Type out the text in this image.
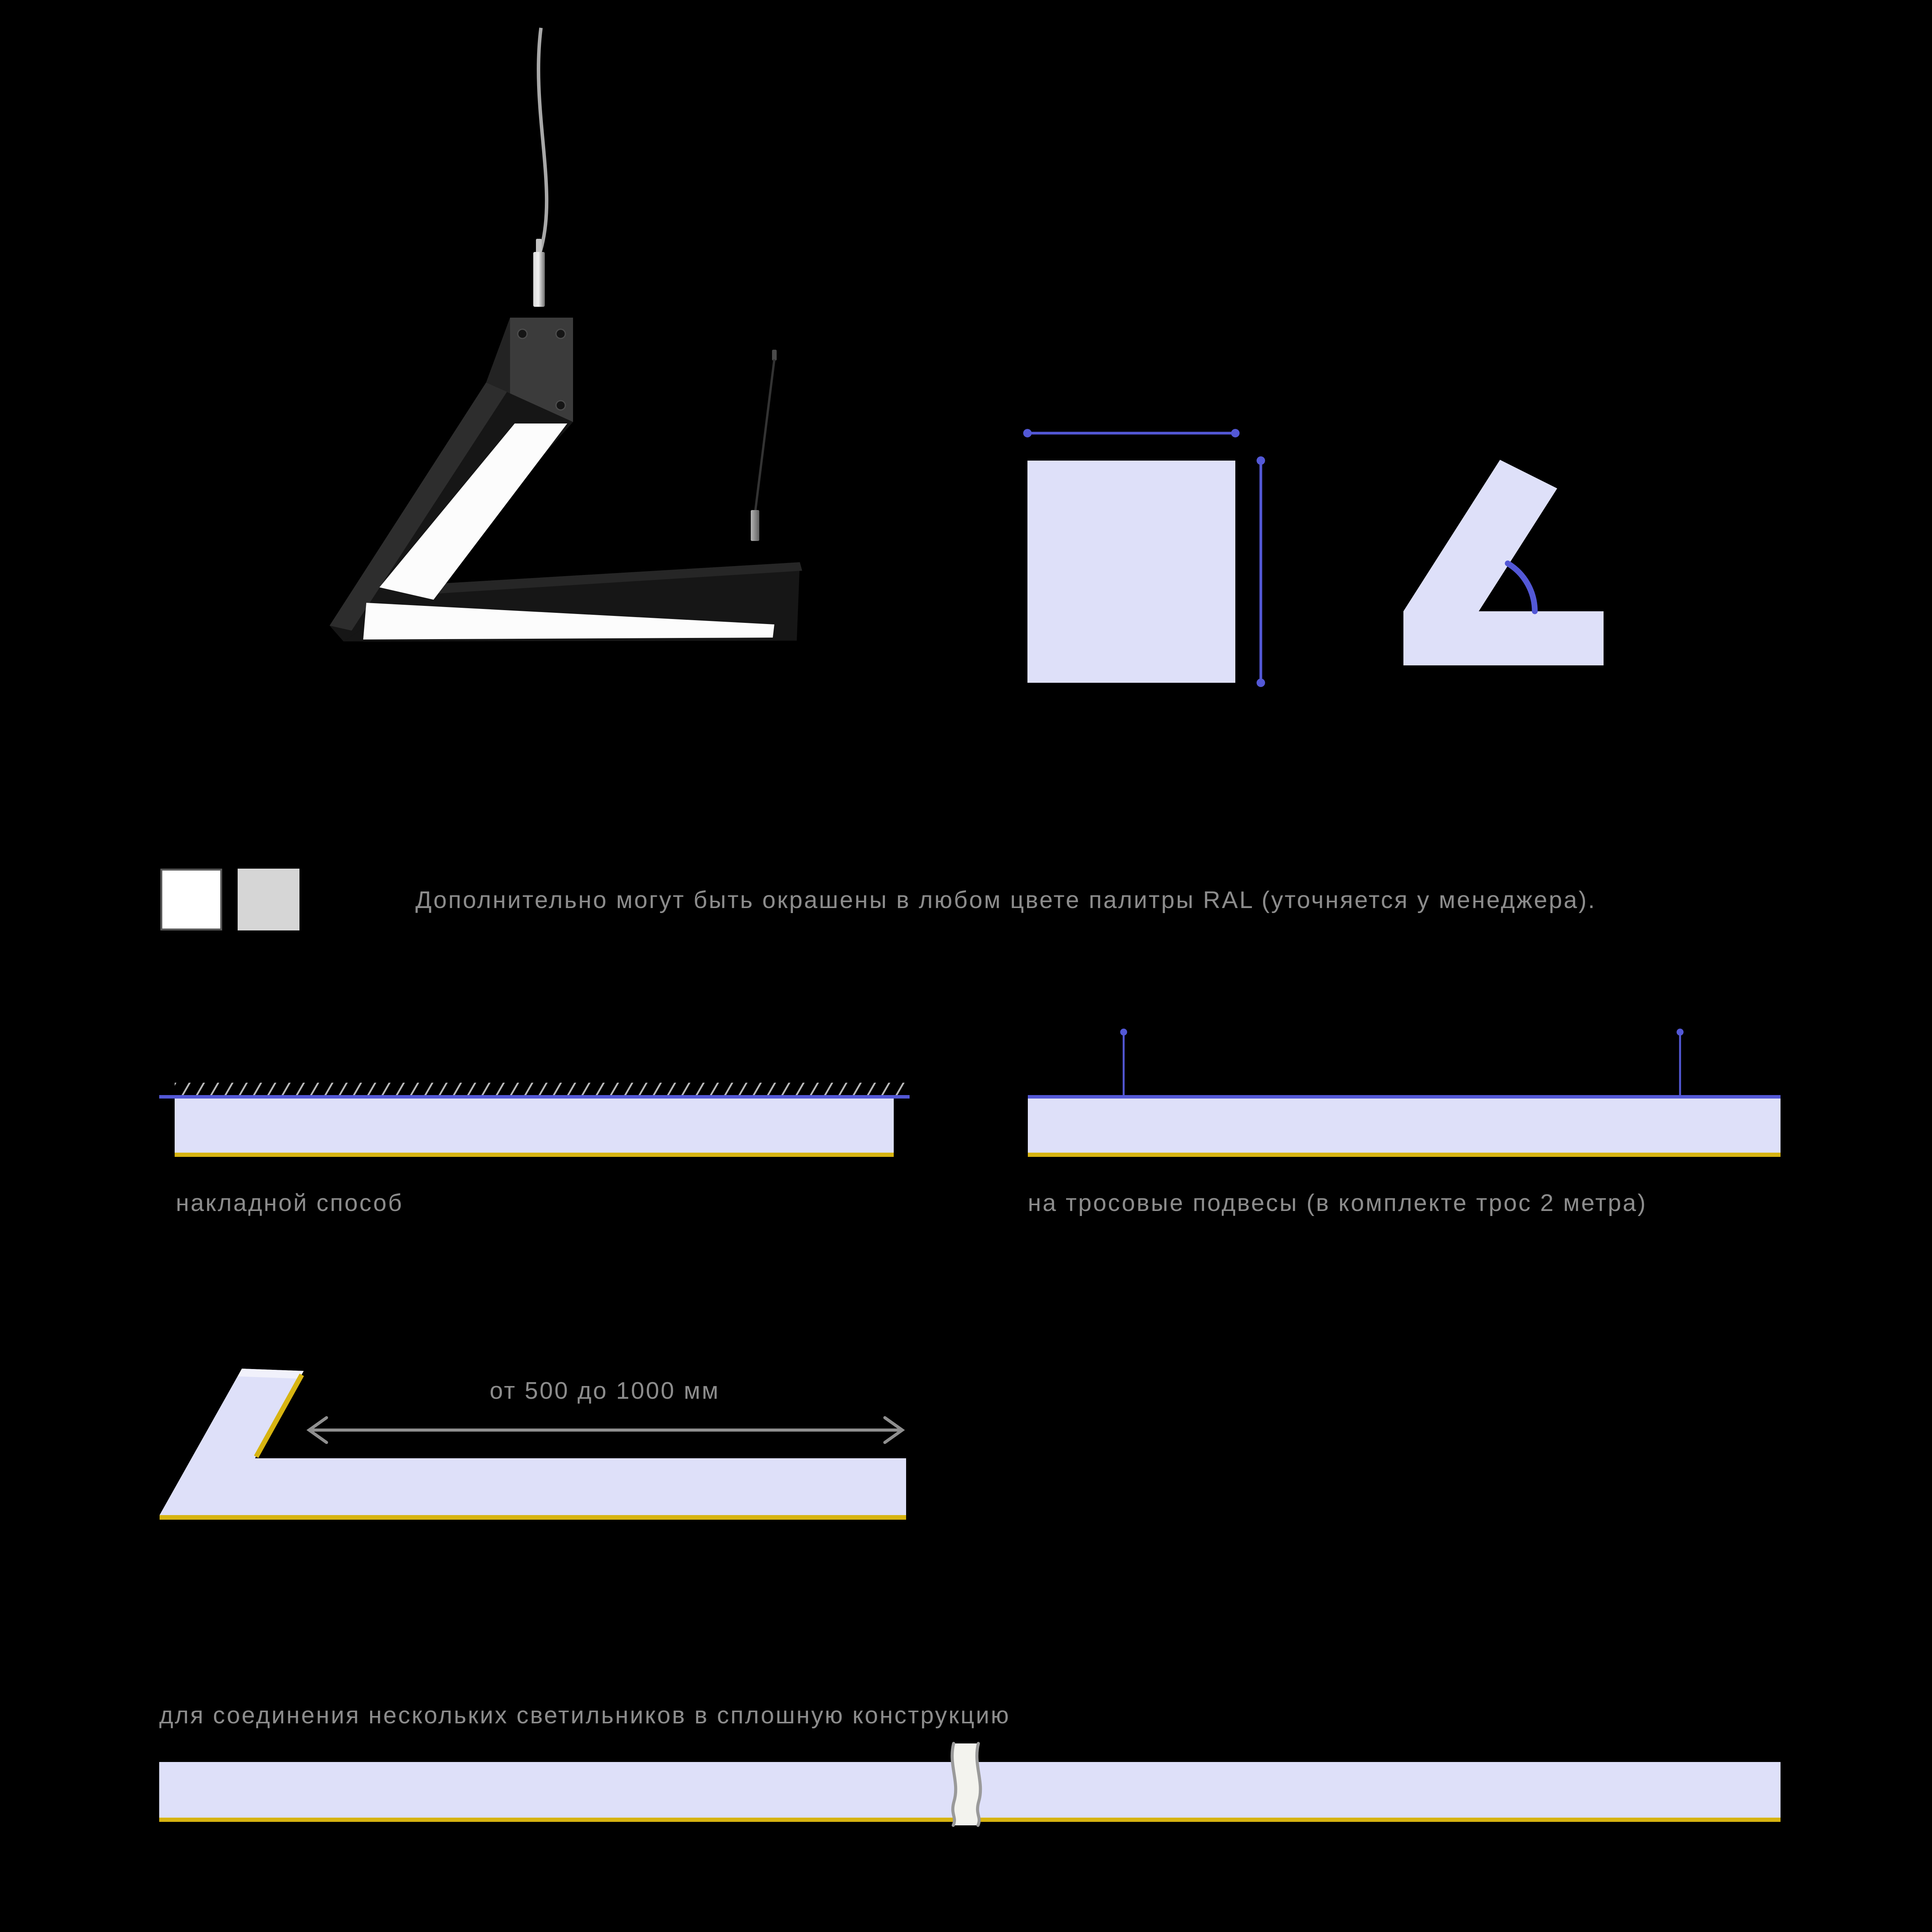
Дополнительно могут быть окрашены в любом цвете палитры RAL (уточняется у менеджера).
накладной способ	на тросовые подвесы (в комплекте трос 2 метра)
от 500 до 1000 мм
для соединения нескольких светильников в сплошную конструкцию
